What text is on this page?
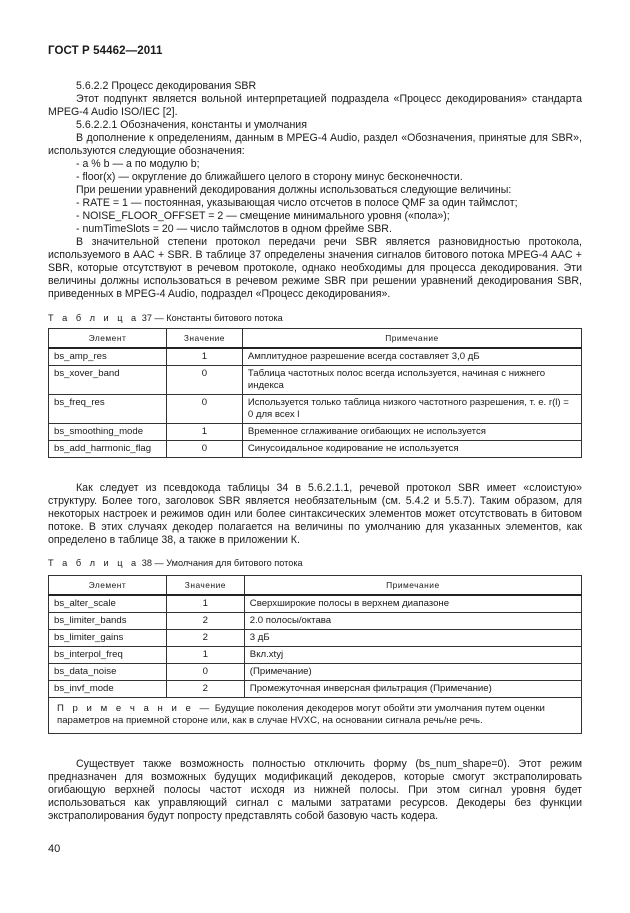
ГОСТ Р 54462—2011

5.6.2.2 Процесс декодирования SBR

Этот подпункт является вольной интерпретацией подраздела «Процесс декодирования» стандарта MPEG-4 Audio ISO/IEC [2].

5.6.2.2.1 Обозначения, константы и умолчания

В дополнение к определениям, данным в MPEG-4 Audio, раздел «Обозначения, принятые для SBR», используются следующие обозначения:

- a % b — a по модулю b;

- floor(x) — округление до ближайшего целого в сторону минус бесконечности.

При решении уравнений декодирования должны использоваться следующие величины:

- RATE = 1 — постоянная, указывающая число отсчетов в полосе QMF за один таймслот;

- NOISE_FLOOR_OFFSET = 2 — смещение минимального уровня («пола»);

- numTimeSlots = 20 — число таймслотов в одном фрейме SBR.

В значительной степени протокол передачи речи SBR является разновидностью протокола, используемого в AAC + SBR. В таблице 37 определены значения сигналов битового потока MPEG-4 AAC + SBR, которые отсутствуют в речевом протоколе, однако необходимы для процесса декодирования. Эти величины должны использоваться в речевом режиме SBR при решении уравнений декодирования SBR, приведенных в MPEG-4 Audio, подраздел «Процесс декодирования».

Т а б л и ц а 37 — Константы битового потока
Элемент	Значение	Примечание
bs_amp_res	1	Амплитудное разрешение всегда составляет 3,0 дБ
bs_xover_band	0	Таблица частотных полос всегда используется, начиная с нижнего индекса
bs_freq_res	0	Используется только таблица низкого частотного разрешения, т. е. r(l) = 0 для всех l
bs_smoothing_mode	1	Временное сглаживание огибающих не используется
bs_add_harmonic_flag	0	Синусоидальное кодирование не используется

Как следует из псевдокода таблицы 34 в 5.6.2.1.1, речевой протокол SBR имеет «слоистую» структуру. Более того, заголовок SBR является необязательным (см. 5.4.2 и 5.5.7). Таким образом, для некоторых настроек и режимов один или более синтаксических элементов может отсутствовать в битовом потоке. В этих случаях декодер полагается на величины по умолчанию для указанных элементов, как определено в таблице 38, а также в приложении К.

Т а б л и ц а 38 — Умолчания для битового потока
Элемент	Значение	Примечание
bs_alter_scale	1	Сверхширокие полосы в верхнем диапазоне
bs_limiter_bands	2	2.0 полосы/октава
bs_limiter_gains	2	3 дБ
bs_interpol_freq	1	Вкл.xtyj
bs_data_noise	0	(Примечание)
bs_invf_mode	2	Промежуточная инверсная фильтрация (Примечание)
П р и м е ч а н и е — Будущие поколения декодеров могут обойти эти умолчания путем оценки параметров на приемной стороне или, как в случае HVXC, на основании сигнала речь/не речь.		

Существует также возможность полностью отключить форму (bs_num_shape=0). Этот режим предназначен для возможных будущих модификаций декодеров, которые смогут экстраполировать огибающую верхней полосы частот исходя из нижней полосы. При этом сигнал уровня будет использоваться как управляющий сигнал с малыми затратами ресурсов. Декодеры без функции экстраполирования будут попросту представлять собой базовую часть кодера.

40
